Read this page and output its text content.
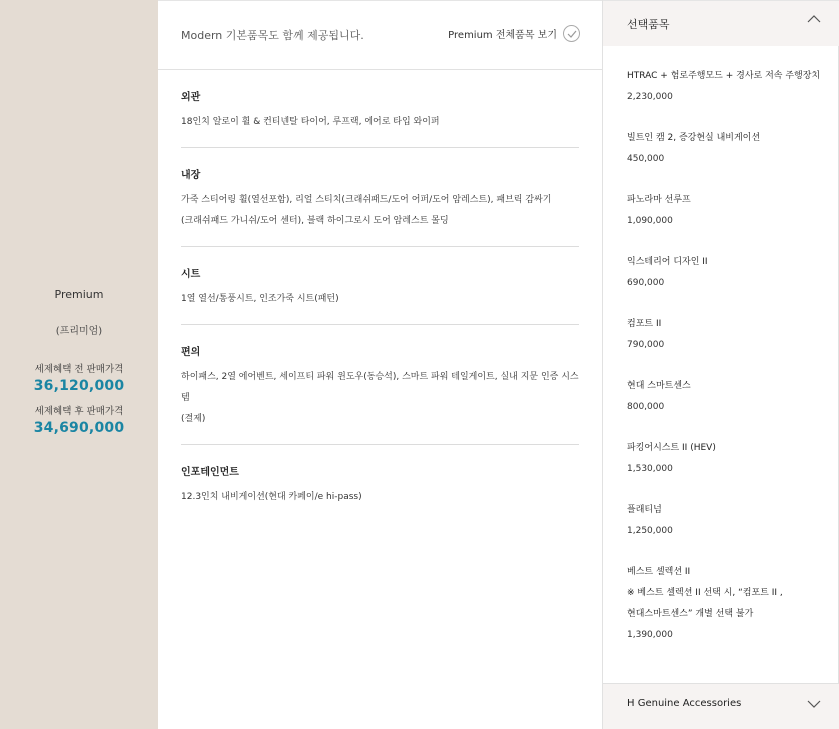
Premium
(프리미엄)
세제혜택 전 판매가격
36,120,000
세제혜택 후 판매가격
34,690,000
Modern 기본품목도 함께 제공됩니다.	Premium 전체품목 보기
외관
18인치 알로이 휠 & 컨티넨탈 타이어, 루프랙, 에어로 타입 와이퍼
내장
가죽 스티어링 휠(열선포함), 리얼 스티치(크래쉬패드/도어 어퍼/도어 암레스트), 패브릭 감싸기
(크래쉬패드 가니쉬/도어 센터), 블랙 하이그로시 도어 암레스트 몰딩
시트
1열 열선/통풍시트, 인조가죽 시트(패턴)
편의
하이패스, 2열 에어벤트, 세이프티 파워 윈도우(동승석), 스마트 파워 테일게이트, 실내 지문 인증 시스템
(결제)
인포테인먼트
12.3인치 내비게이션(현대 카페이/e hi-pass)
선택품목
HTRAC + 험로주행모드 + 경사로 저속 주행장치
2,230,000
빌트인 캠 2, 증강현실 내비게이션
450,000
파노라마 선루프
1,090,000
익스테리어 디자인 II
690,000
컴포트 II
790,000
현대 스마트센스
800,000
파킹어시스트 II (HEV)
1,530,000
플래티넘
1,250,000
베스트 셀렉션 II
※ 베스트 셀렉션 II 선택 시, “컴포트 II ,
현대스마트센스” 개별 선택 불가
1,390,000
H Genuine Accessories
